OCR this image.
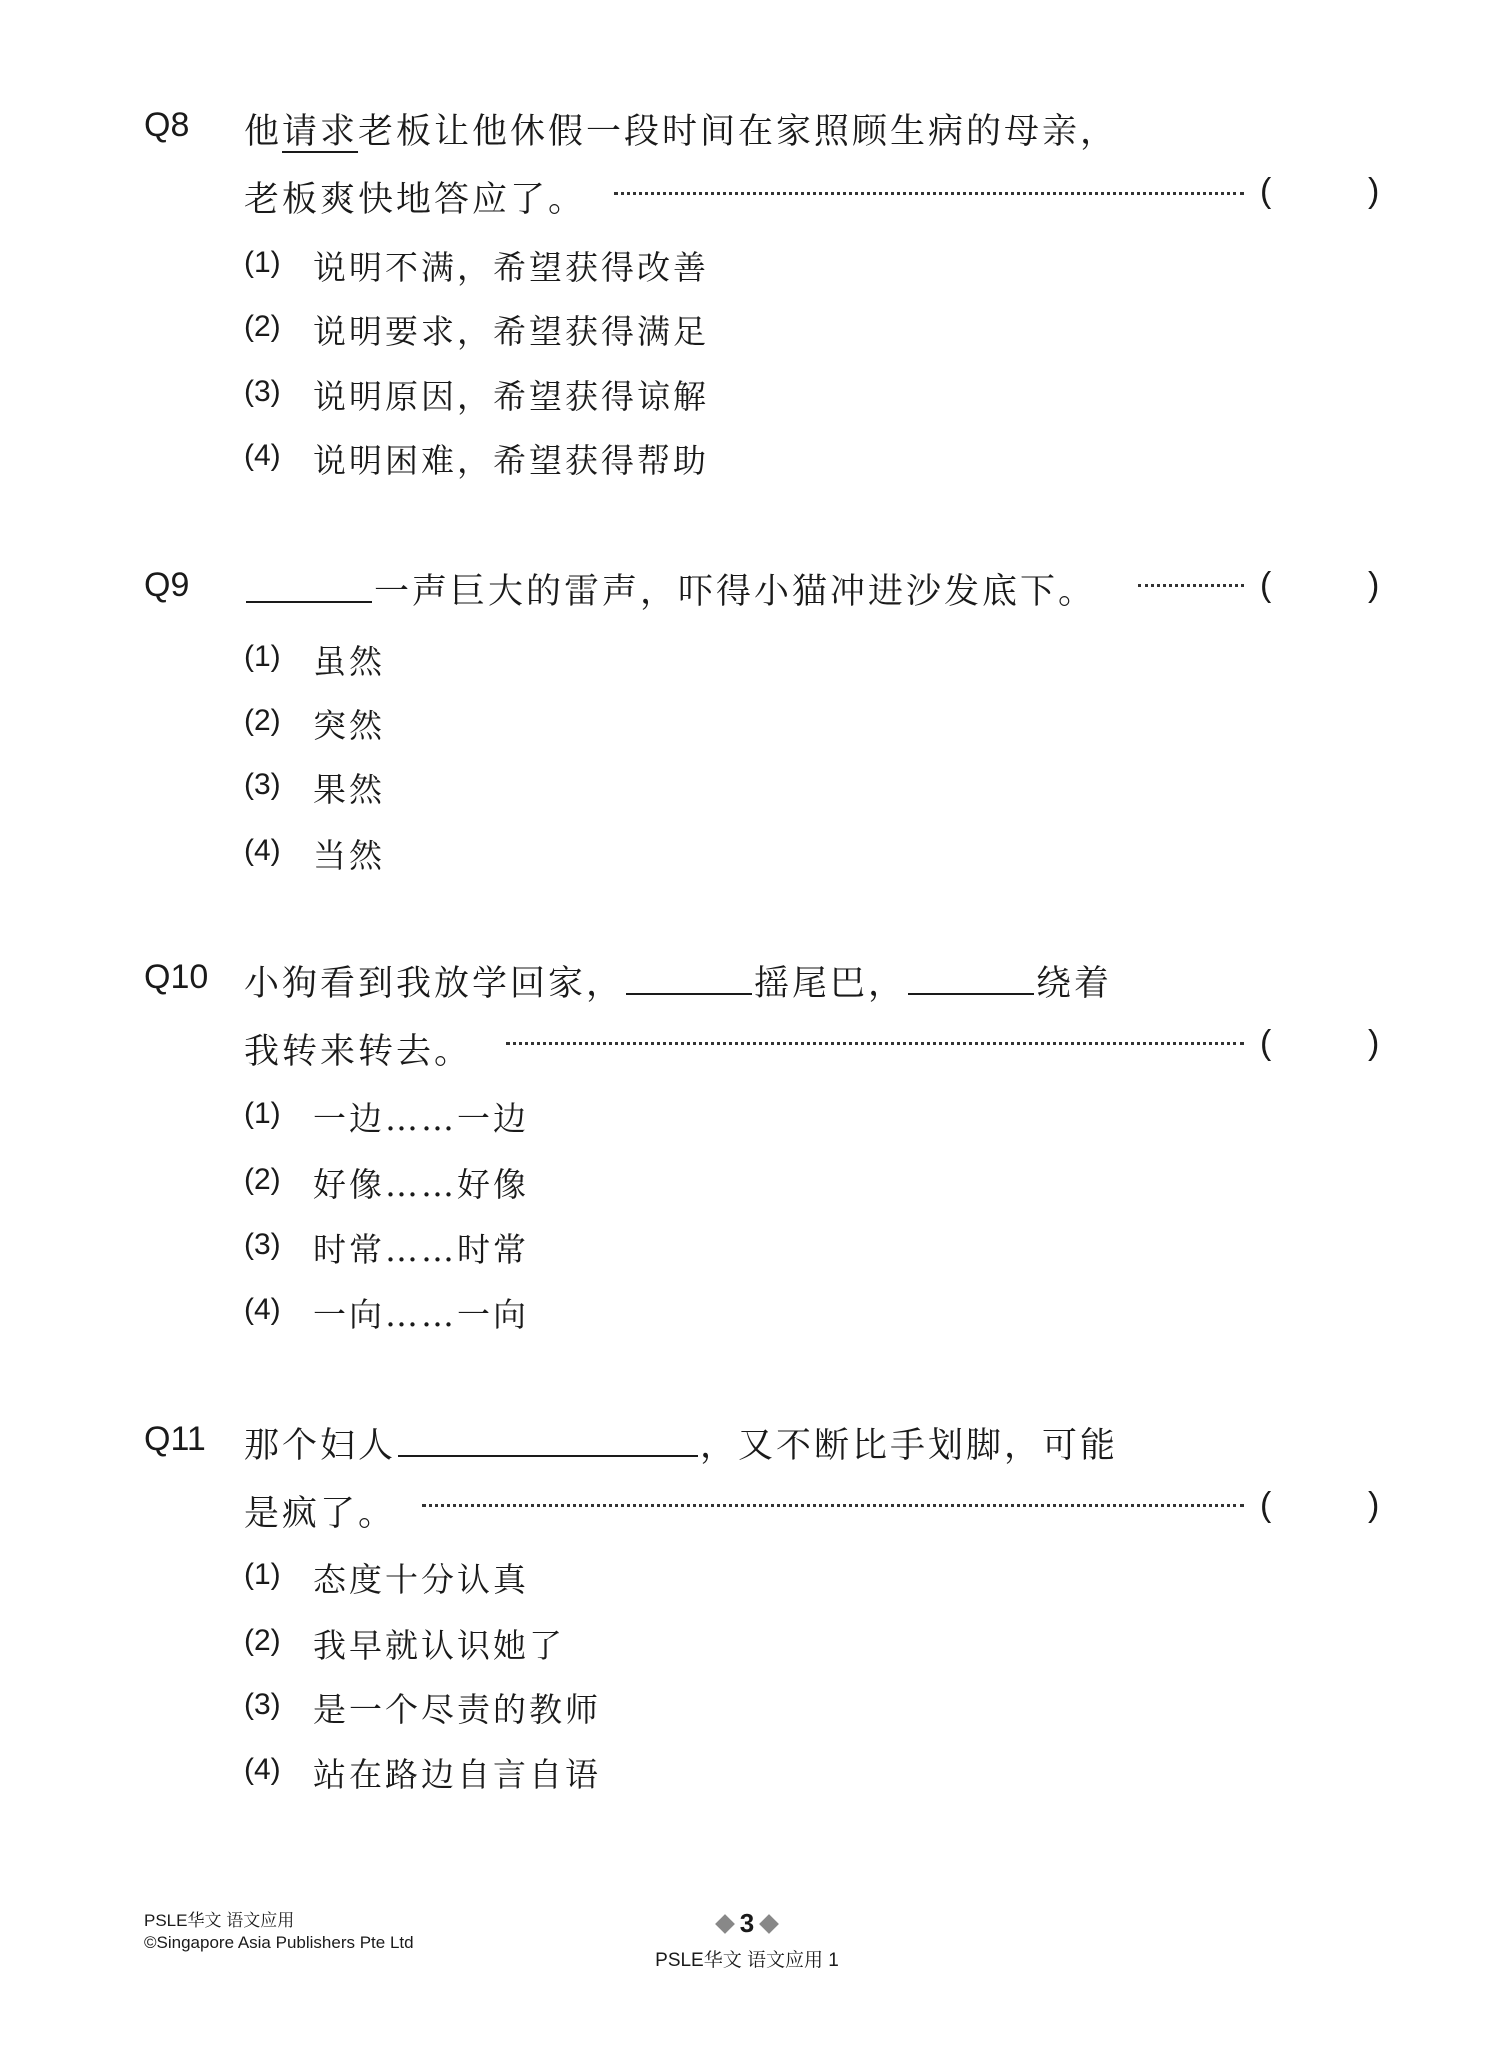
Q8 他请求老板让他休假一段时间在家照顾生病的母亲，
老板爽快地答应了。	(	)
(1) 说明不满，希望获得改善
(2) 说明要求，希望获得满足
(3) 说明原因，希望获得谅解
(4) 说明困难，希望获得帮助
Q9	一声巨大的雷声，吓得小猫冲进沙发底下。	(	)
(1) 虽然
(2) 突然
(3) 果然
(4) 当然
Q10 小狗看到我放学回家，	摇尾巴，	绕着
我转来转去。	(	)
(1) 一边……一边
(2) 好像……好像
(3) 时常……时常
(4) 一向……一向
Q11 那个妇人	，又不断比手划脚，可能
是疯了。	(	)
(1) 态度十分认真
(2) 我早就认识她了
(3) 是一个尽责的教师
(4) 站在路边自言自语
PSLE华文 语文应用
©Singapore Asia Publishers Pte Ltd
3
PSLE华文 语文应用 1
